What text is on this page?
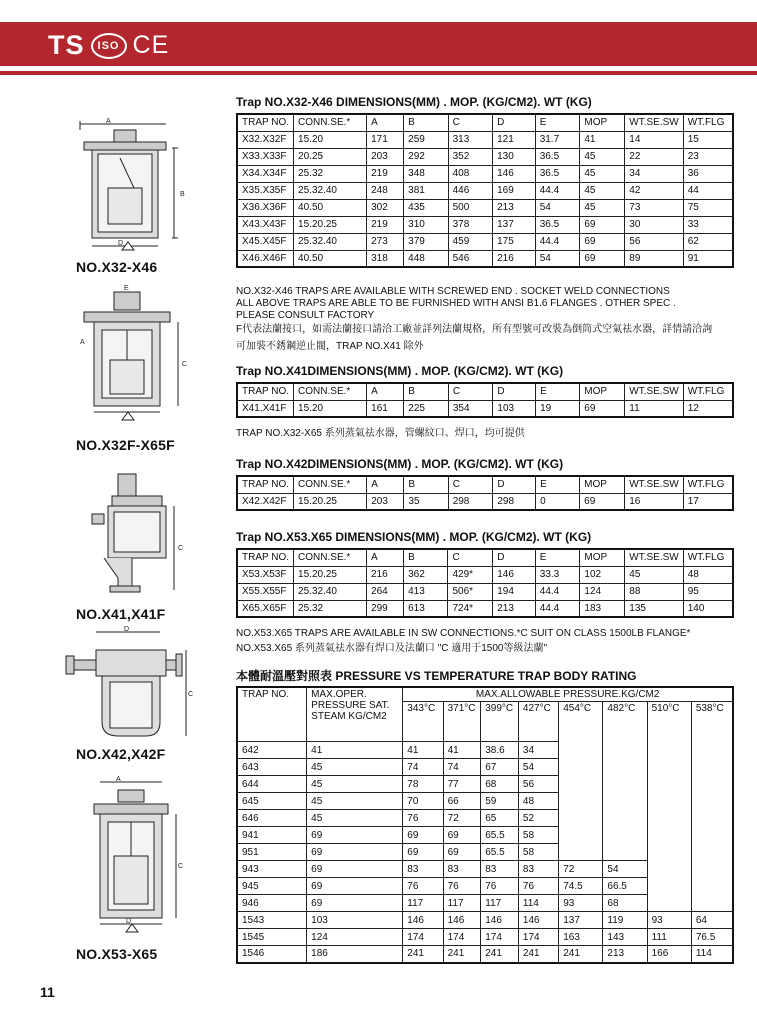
TS	ISO CE
A
B
D
NO.X32-X46
E
C
A
NO.X32F-X65F
C
NO.X41,X41F
D
C
NO.X42,X42F
A
C
D
NO.X53-X65
Trap NO.X32-X46 DIMENSIONS(MM) . MOP. (KG/CM2). WT (KG)
TRAP NO.	CONN.SE.*	A	B	C	D	E	MOP	WT.SE.SW	WT.FLG
X32.X32F	15.20	171	259	313	121	31.7	41	14	15
X33.X33F	20.25	203	292	352	130	36.5	45	22	23
X34.X34F	25.32	219	348	408	146	36.5	45	34	36
X35.X35F	25.32.40	248	381	446	169	44.4	45	42	44
X36.X36F	40.50	302	435	500	213	54	45	73	75
X43.X43F	15.20.25	219	310	378	137	36.5	69	30	33
X45.X45F	25.32.40	273	379	459	175	44.4	69	56	62
X46.X46F	40.50	318	448	546	216	54	69	89	91
NO.X32-X46 TRAPS ARE AVAILABLE WITH SCREWED END . SOCKET WELD CONNECTIONS
ALL ABOVE TRAPS ARE ABLE TO BE FURNISHED WITH ANSI B1.6 FLANGES . OTHER SPEC .
PLEASE CONSULT FACTORY
F代表法蘭接口，如需法蘭接口請洽工廠並詳列法蘭規格，所有型號可改裝為倒筒式空氣祛水器，詳情請洽詢
可加裝不銹鋼逆止閥，TRAP NO.X41 除外
Trap NO.X41DIMENSIONS(MM) . MOP. (KG/CM2). WT (KG)
TRAP NO.	CONN.SE.*	A	B	C	D	E	MOP	WT.SE.SW	WT.FLG
X41.X41F	15.20	161	225	354	103	19	69	11	12
TRAP NO.X32-X65 系列蒸氣祛水器，管螺紋口、焊口，均可提供
Trap NO.X42DIMENSIONS(MM) . MOP. (KG/CM2). WT (KG)
TRAP NO.	CONN.SE.*	A	B	C	D	E	MOP	WT.SE.SW	WT.FLG
X42.X42F	15.20.25	203	35	298	298	0	69	16	17
Trap NO.X53.X65 DIMENSIONS(MM) . MOP. (KG/CM2). WT (KG)
TRAP NO.	CONN.SE.*	A	B	C	D	E	MOP	WT.SE.SW	WT.FLG
X53.X53F	15.20.25	216	362	429*	146	33.3	102	45	48
X55.X55F	25.32.40	264	413	506*	194	44.4	124	88	95
X65.X65F	25.32	299	613	724*	213	44.4	183	135	140
NO.X53.X65 TRAPS ARE AVAILABLE IN SW CONNECTIONS.*C SUIT ON CLASS 1500LB FLANGE*
NO.X53.X65 系列蒸氣祛水器有焊口及法蘭口 "C 適用于1500等級法蘭"
本體耐溫壓對照表 PRESSURE VS TEMPERATURE TRAP BODY RATING
TRAP NO.	MAX.OPER. PRESSURE SAT. STEAM KG/CM2	MAX.ALLOWABLE PRESSURE.KG/CM2							
		343°C	371°C	399°C	427°C	454°C	482°C	510°C	538°C
642	41	41	41	38.6	34				
643	45	74	74	67	54				
644	45	78	77	68	56				
645	45	70	66	59	48				
646	45	76	72	65	52				
941	69	69	69	65.5	58				
951	69	69	69	65.5	58				
943	69	83	83	83	83	72	54		
945	69	76	76	76	76	74.5	66.5		
946	69	117	117	117	114	93	68		
1543	103	146	146	146	146	137	119	93	64
1545	124	174	174	174	174	163	143	111	76.5
1546	186	241	241	241	241	241	213	166	114
11
